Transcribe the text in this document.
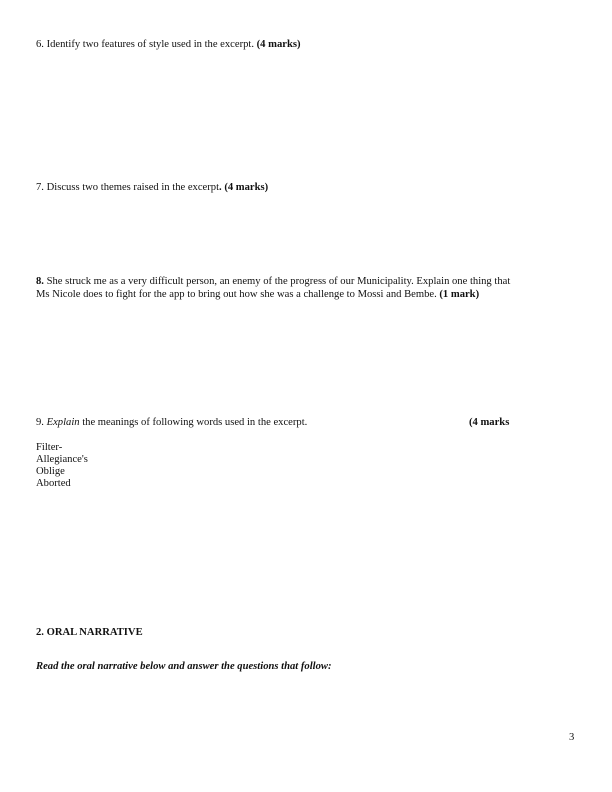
6. Identify two features of style used in the excerpt. (4 marks)
7. Discuss two themes raised in the excerpt. (4 marks)
8. She struck me as a very difficult person, an enemy of the progress of our Municipality. Explain one thing that
Ms Nicole does to fight for the app to bring out how she was a challenge to Mossi and Bembe. (1 mark)
9. Explain the meanings of following words used in the excerpt.	(4 marks
Filter-
Allegiance's
Oblige
Aborted
2. ORAL NARRATIVE
Read the oral narrative below and answer the questions that follow:
3
